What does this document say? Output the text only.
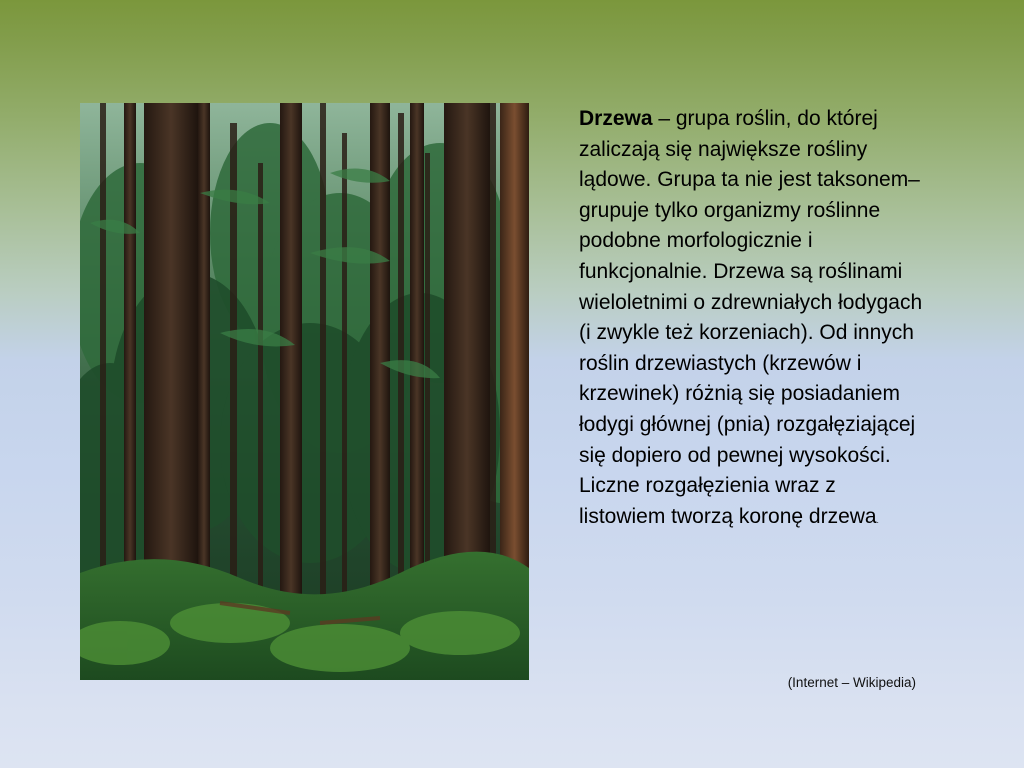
Drzewa – grupa roślin, do której zaliczają się największe rośliny lądowe. Grupa ta nie jest taksonem– grupuje tylko organizmy roślinne podobne morfologicznie i funkcjonalnie. Drzewa są roślinami wieloletnimi o zdrewniałych łodygach (i zwykle też korzeniach). Od innych roślin drzewiastych (krzewów i krzewinek) różnią się posiadaniem łodygi głównej (pnia) rozgałęziającej się dopiero od pewnej wysokości. Liczne rozgałęzienia wraz z listowiem tworzą koronę drzewa.
(Internet – Wikipedia)
